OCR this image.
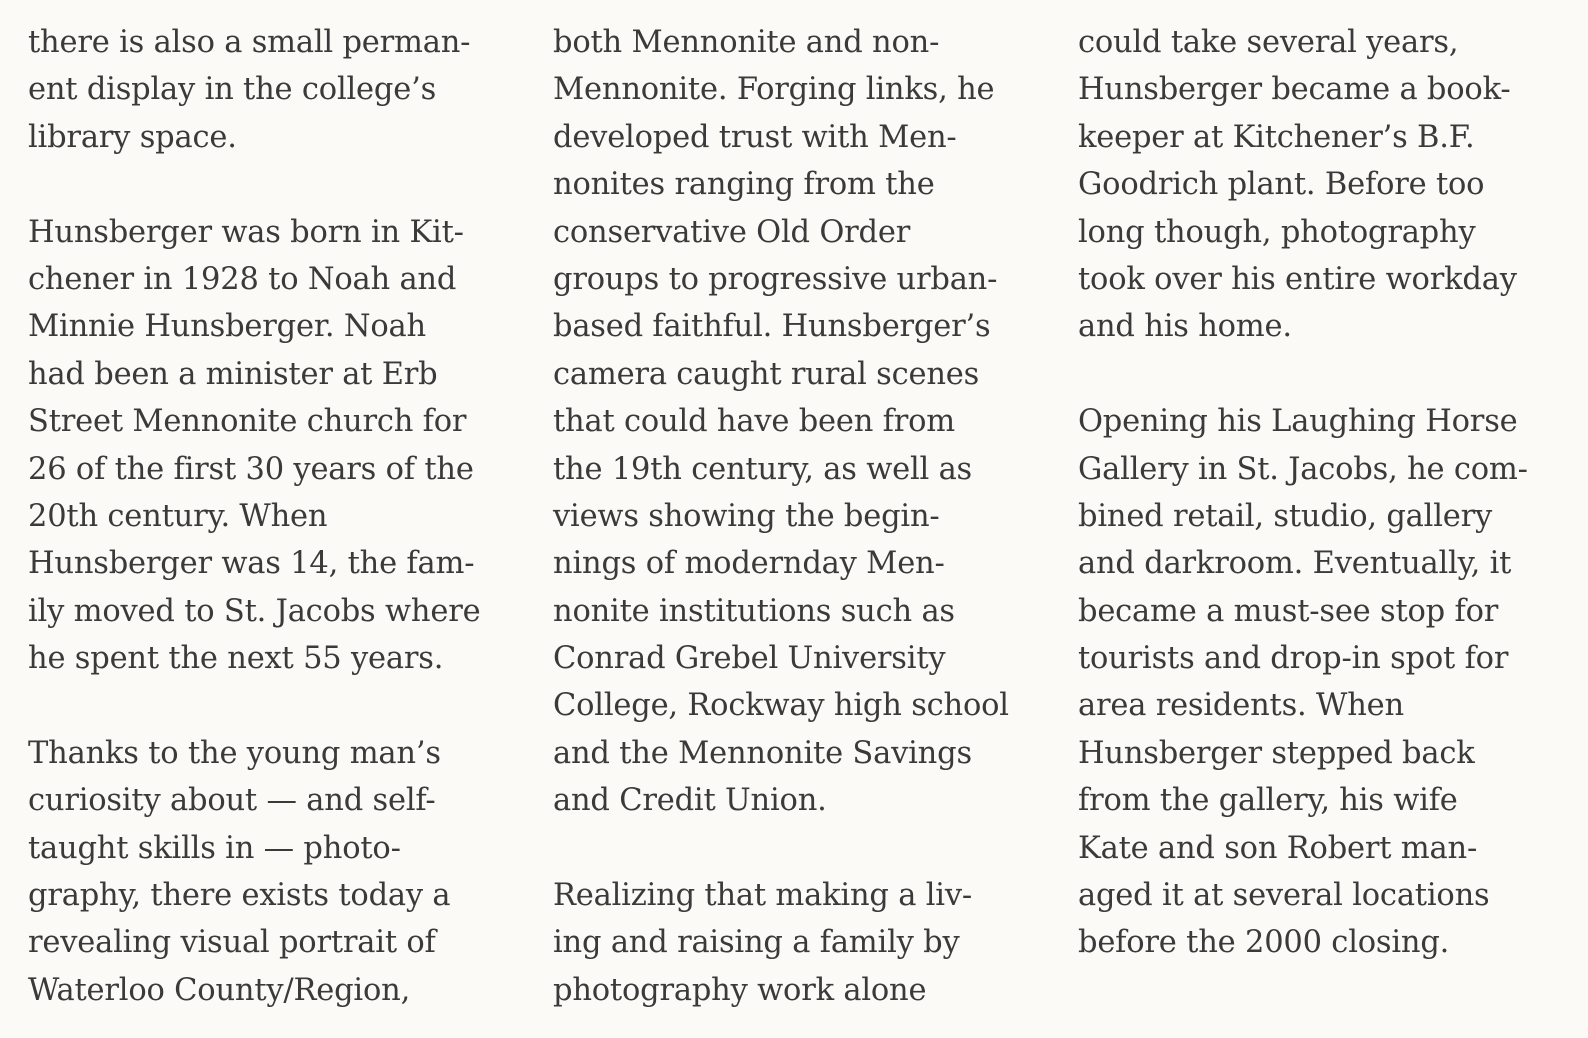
there is also a small perman-
ent display in the college’s
library space.
Hunsberger was born in Kit-
chener in 1928 to Noah and
Minnie Hunsberger. Noah
had been a minister at Erb
Street Mennonite church for
26 of the first 30 years of the
20th century. When
Hunsberger was 14, the fam-
ily moved to St. Jacobs where
he spent the next 55 years.
Thanks to the young man’s
curiosity about — and self-
taught skills in — photo-
graphy, there exists today a
revealing visual portrait of
Waterloo County/Region,
both Mennonite and non-
Mennonite. Forging links, he
developed trust with Men-
nonites ranging from the
conservative Old Order
groups to progressive urban-
based faithful. Hunsberger’s
camera caught rural scenes
that could have been from
the 19th century, as well as
views showing the begin-
nings of modernday Men-
nonite institutions such as
Conrad Grebel University
College, Rockway high school
and the Mennonite Savings
and Credit Union.
Realizing that making a liv-
ing and raising a family by
photography work alone
could take several years,
Hunsberger became a book-
keeper at Kitchener’s B.F.
Goodrich plant. Before too
long though, photography
took over his entire workday
and his home.
Opening his Laughing Horse
Gallery in St. Jacobs, he com-
bined retail, studio, gallery
and darkroom. Eventually, it
became a must-see stop for
tourists and drop-in spot for
area residents. When
Hunsberger stepped back
from the gallery, his wife
Kate and son Robert man-
aged it at several locations
before the 2000 closing.
